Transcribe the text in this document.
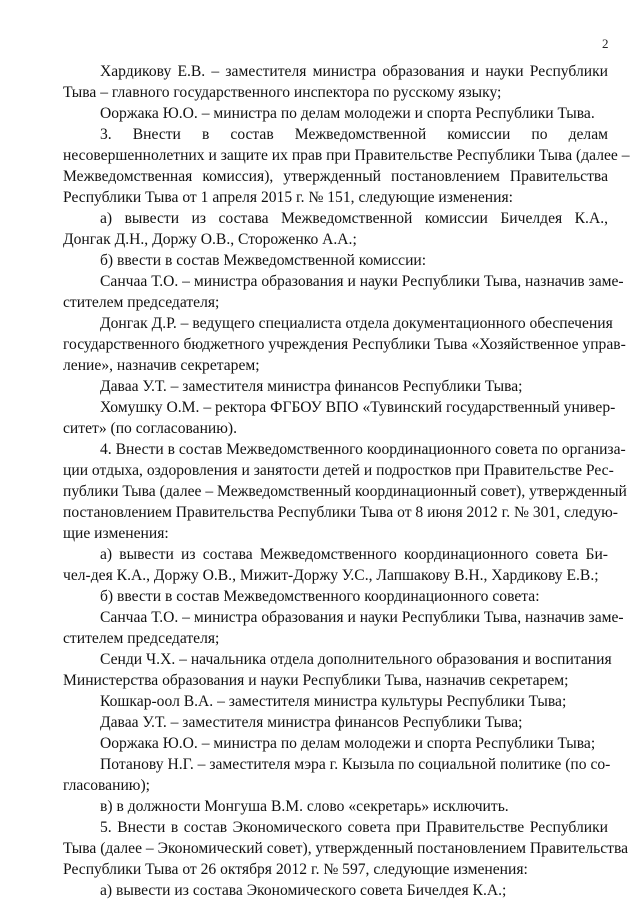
2
Хардикову Е.В. – заместителя министра образования и науки Республики
Тыва – главного государственного инспектора по русскому языку;
Ооржака Ю.О. – министра по делам молодежи и спорта Республики Тыва.
3. Внести в состав Межведомственной комиссии по делам
несовершеннолетних и защите их прав при Правительстве Республики Тыва (далее –
Межведомственная комиссия), утвержденный постановлением Правительства
Республики Тыва от 1 апреля 2015 г. № 151, следующие изменения:
а) вывести из состава Межведомственной комиссии Бичелдея К.А.,
Донгак Д.Н., Доржу О.В., Стороженко А.А.;
б) ввести в состав Межведомственной комиссии:
Санчаа Т.О. – министра образования и науки Республики Тыва, назначив заме-
стителем председателя;
Донгак Д.Р. – ведущего специалиста отдела документационного обеспечения
государственного бюджетного учреждения Республики Тыва «Хозяйственное управ-
ление», назначив секретарем;
Даваа У.Т. – заместителя министра финансов Республики Тыва;
Хомушку О.М. – ректора ФГБОУ ВПО «Тувинский государственный универ-
ситет» (по согласованию).
4. Внести в состав Межведомственного координационного совета по организа-
ции отдыха, оздоровления и занятости детей и подростков при Правительстве Рес-
публики Тыва (далее – Межведомственный координационный совет), утвержденный
постановлением Правительства Республики Тыва от 8 июня 2012 г. № 301, следую-
щие изменения:
а) вывести из состава Межведомственного координационного совета Би-
чел-дея К.А., Доржу О.В., Мижит-Доржу У.С., Лапшакову В.Н., Хардикову Е.В.;
б) ввести в состав Межведомственного координационного совета:
Санчаа Т.О. – министра образования и науки Республики Тыва, назначив заме-
стителем председателя;
Сенди Ч.Х. – начальника отдела дополнительного образования и воспитания
Министерства образования и науки Республики Тыва, назначив секретарем;
Кошкар-оол В.А. – заместителя министра культуры Республики Тыва;
Даваа У.Т. – заместителя министра финансов Республики Тыва;
Ооржака Ю.О. – министра по делам молодежи и спорта Республики Тыва;
Потанову Н.Г. – заместителя мэра г. Кызыла по социальной политике (по со-
гласованию);
в) в должности Монгуша В.М. слово «секретарь» исключить.
5. Внести в состав Экономического совета при Правительстве Республики
Тыва (далее – Экономический совет), утвержденный постановлением Правительства
Республики Тыва от 26 октября 2012 г. № 597, следующие изменения:
а) вывести из состава Экономического совета Бичелдея К.А.;
